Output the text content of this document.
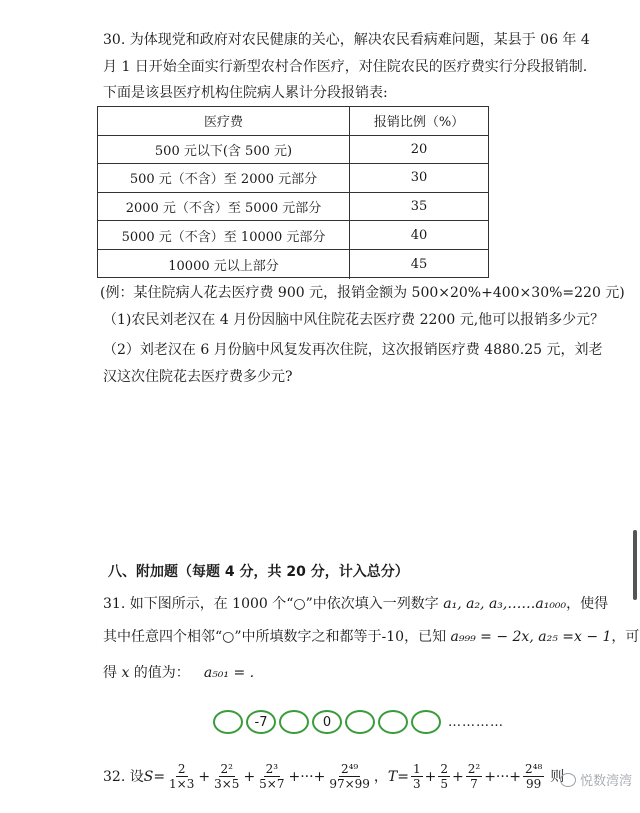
30. 为体现党和政府对农民健康的关心，解决农民看病难问题，某县于 06 年 4
月 1 日开始全面实行新型农村合作医疗，对住院农民的医疗费实行分段报销制.
下面是该县医疗机构住院病人累计分段报销表:
医疗费	报销比例（%）
500 元以下(含 500 元)	20
500 元（不含）至 2000 元部分	30
2000 元（不含）至 5000 元部分	35
5000 元（不含）至 10000 元部分	40
10000 元以上部分	45
(例：某住院病人花去医疗费 900 元，报销金额为 500×20%+400×30%=220 元)
（1)农民刘老汉在 4 月份因脑中风住院花去医疗费 2200 元,他可以报销多少元？
（2）刘老汉在 6 月份脑中风复发再次住院，这次报销医疗费 4880.25 元，刘老
汉这次住院花去医疗费多少元?
八、附加题（每题 4 分，共 20 分，计入总分）
31. 如下图所示，在 1000 个“○”中依次填入一列数字 a₁, a₂, a₃,……a₁₀₀₀，使得
其中任意四个相邻“○”中所填数字之和都等于-10，已知 a₉₉₉ = − 2x, a₂₅ =x − 1，可
得 x 的值为： a₅₀₁ = .
-7	0	…………
32. 设 $S = \frac{2}{1\times 3} + \frac{\text{2²}}{3\times 5} + \frac{\text{2³}}{5\times 7}$ +···+ $\frac{\text{2⁴⁹}}{97\times 99}$ ， $T = \frac{1}{3} + \frac{2}{5} + \frac{\text{2²}}{7}$ +···+ $\frac{\text{2⁴⁸}}{99}$ 则 悦数湾湾
